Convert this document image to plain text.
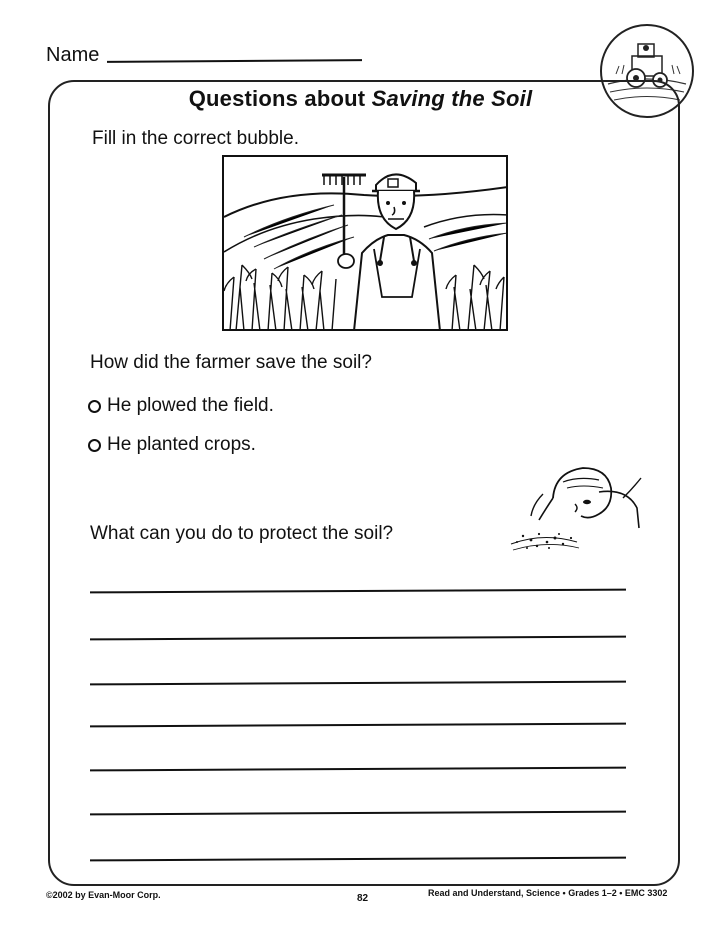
Name
Questions about Saving the Soil
Fill in the correct bubble.
How did the farmer save the soil?
He plowed the field.
He planted crops.
What can you do to protect the soil?
©2002 by Evan-Moor Corp.	82	Read and Understand, Science • Grades 1–2 • EMC 3302
